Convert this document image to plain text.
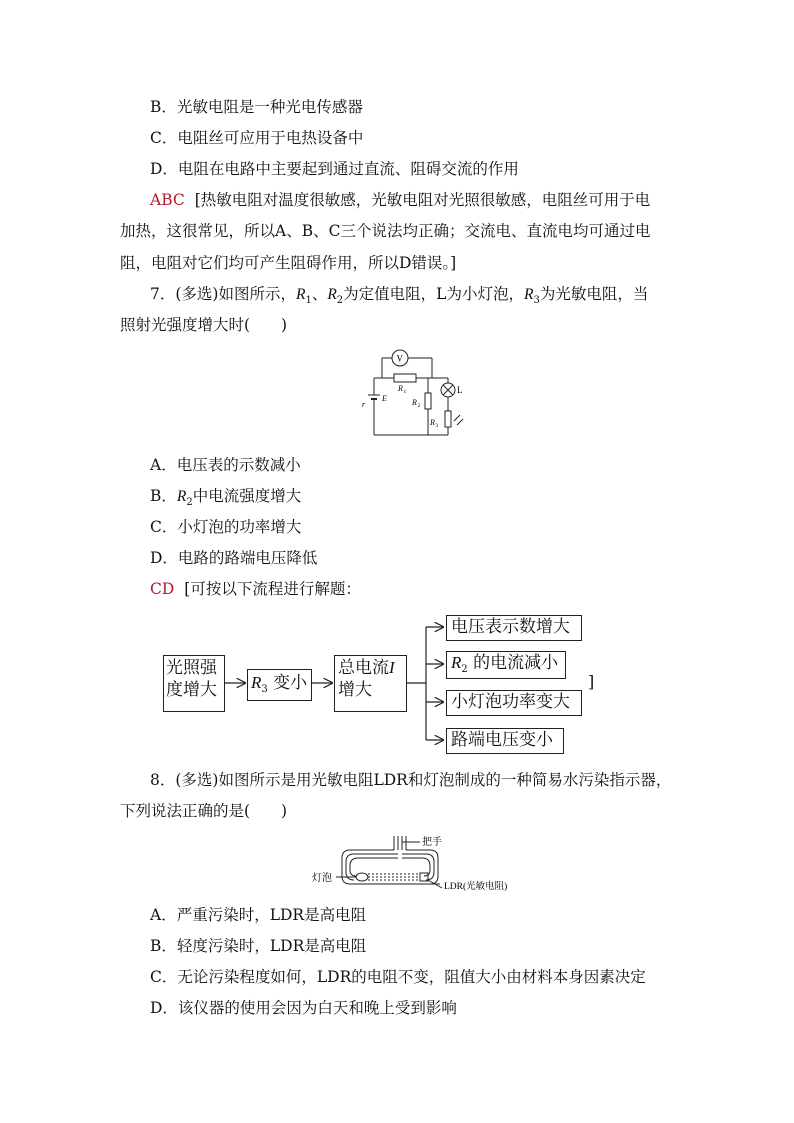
B．光敏电阻是一种光电传感器
C．电阻丝可应用于电热设备中
D．电阻在电路中主要起到通过直流、阻碍交流的作用
ABC [热敏电阻对温度很敏感，光敏电阻对光照很敏感，电阻丝可用于电
加热，这很常见，所以A、B、C三个说法均正确；交流电、直流电均可通过电
阻，电阻对它们均可产生阻碍作用，所以D错误。]
7．(多选)如图所示，$R_1$、$R_2$为定值电阻，L为小灯泡，$R_3$为光敏电阻，当
照射光强度增大时(　　)
V
R 1
R 2
R 3
L
E
r
A．电压表的示数减小
B．$R_2$中电流强度增大
C．小灯泡的功率增大
D．电路的路端电压降低
CD [可按以下流程进行解题：
光照强
度增大	$R_3$ 变小
总电流I
增大
电压表示数增大
$R_2$ 的电流减小
小灯泡功率变大
路端电压变小
]
8．(多选)如图所示是用光敏电阻LDR和灯泡制成的一种简易水污染指示器，
下列说法正确的是(　　)
把手
灯泡
LDR(光敏电阻)
A．严重污染时，LDR是高电阻
B．轻度污染时，LDR是高电阻
C．无论污染程度如何，LDR的电阻不变，阻值大小由材料本身因素决定
D．该仪器的使用会因为白天和晚上受到影响
